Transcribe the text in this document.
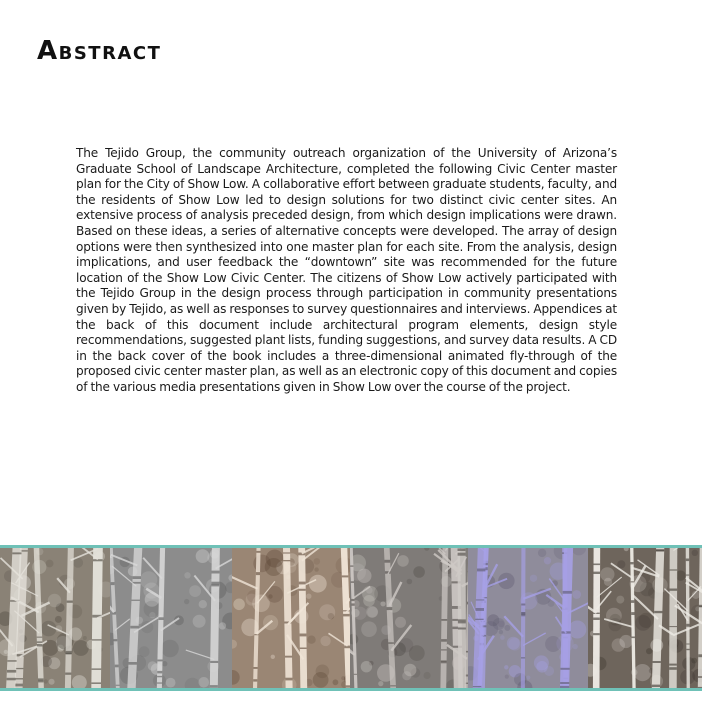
Abstract

The Tejido Group, the community outreach organization of the University of Arizona’s Graduate School of Landscape Architecture, completed the following Civic Center master plan for the City of Show Low. A collaborative effort between graduate students, faculty, and the residents of Show Low led to design solutions for two distinct civic center sites. An extensive process of analysis preceded design, from which design implications were drawn. Based on these ideas, a series of alternative concepts were developed. The array of design options were then synthesized into one master plan for each site. From the analysis, design implications, and user feedback the “downtown” site was recommended for the future location of the Show Low Civic Center. The citizens of Show Low actively participated with the Tejido Group in the design process through participation in community presentations given by Tejido, as well as responses to survey questionnaires and interviews. Appendices at the back of this document include architectural program elements, design style recommendations, suggested plant lists, funding suggestions, and survey data results. A CD in the back cover of the book includes a three-dimensional animated fly-through of the proposed civic center master plan, as well as an electronic copy of this document and copies of the various media presentations given in Show Low over the course of the project.
